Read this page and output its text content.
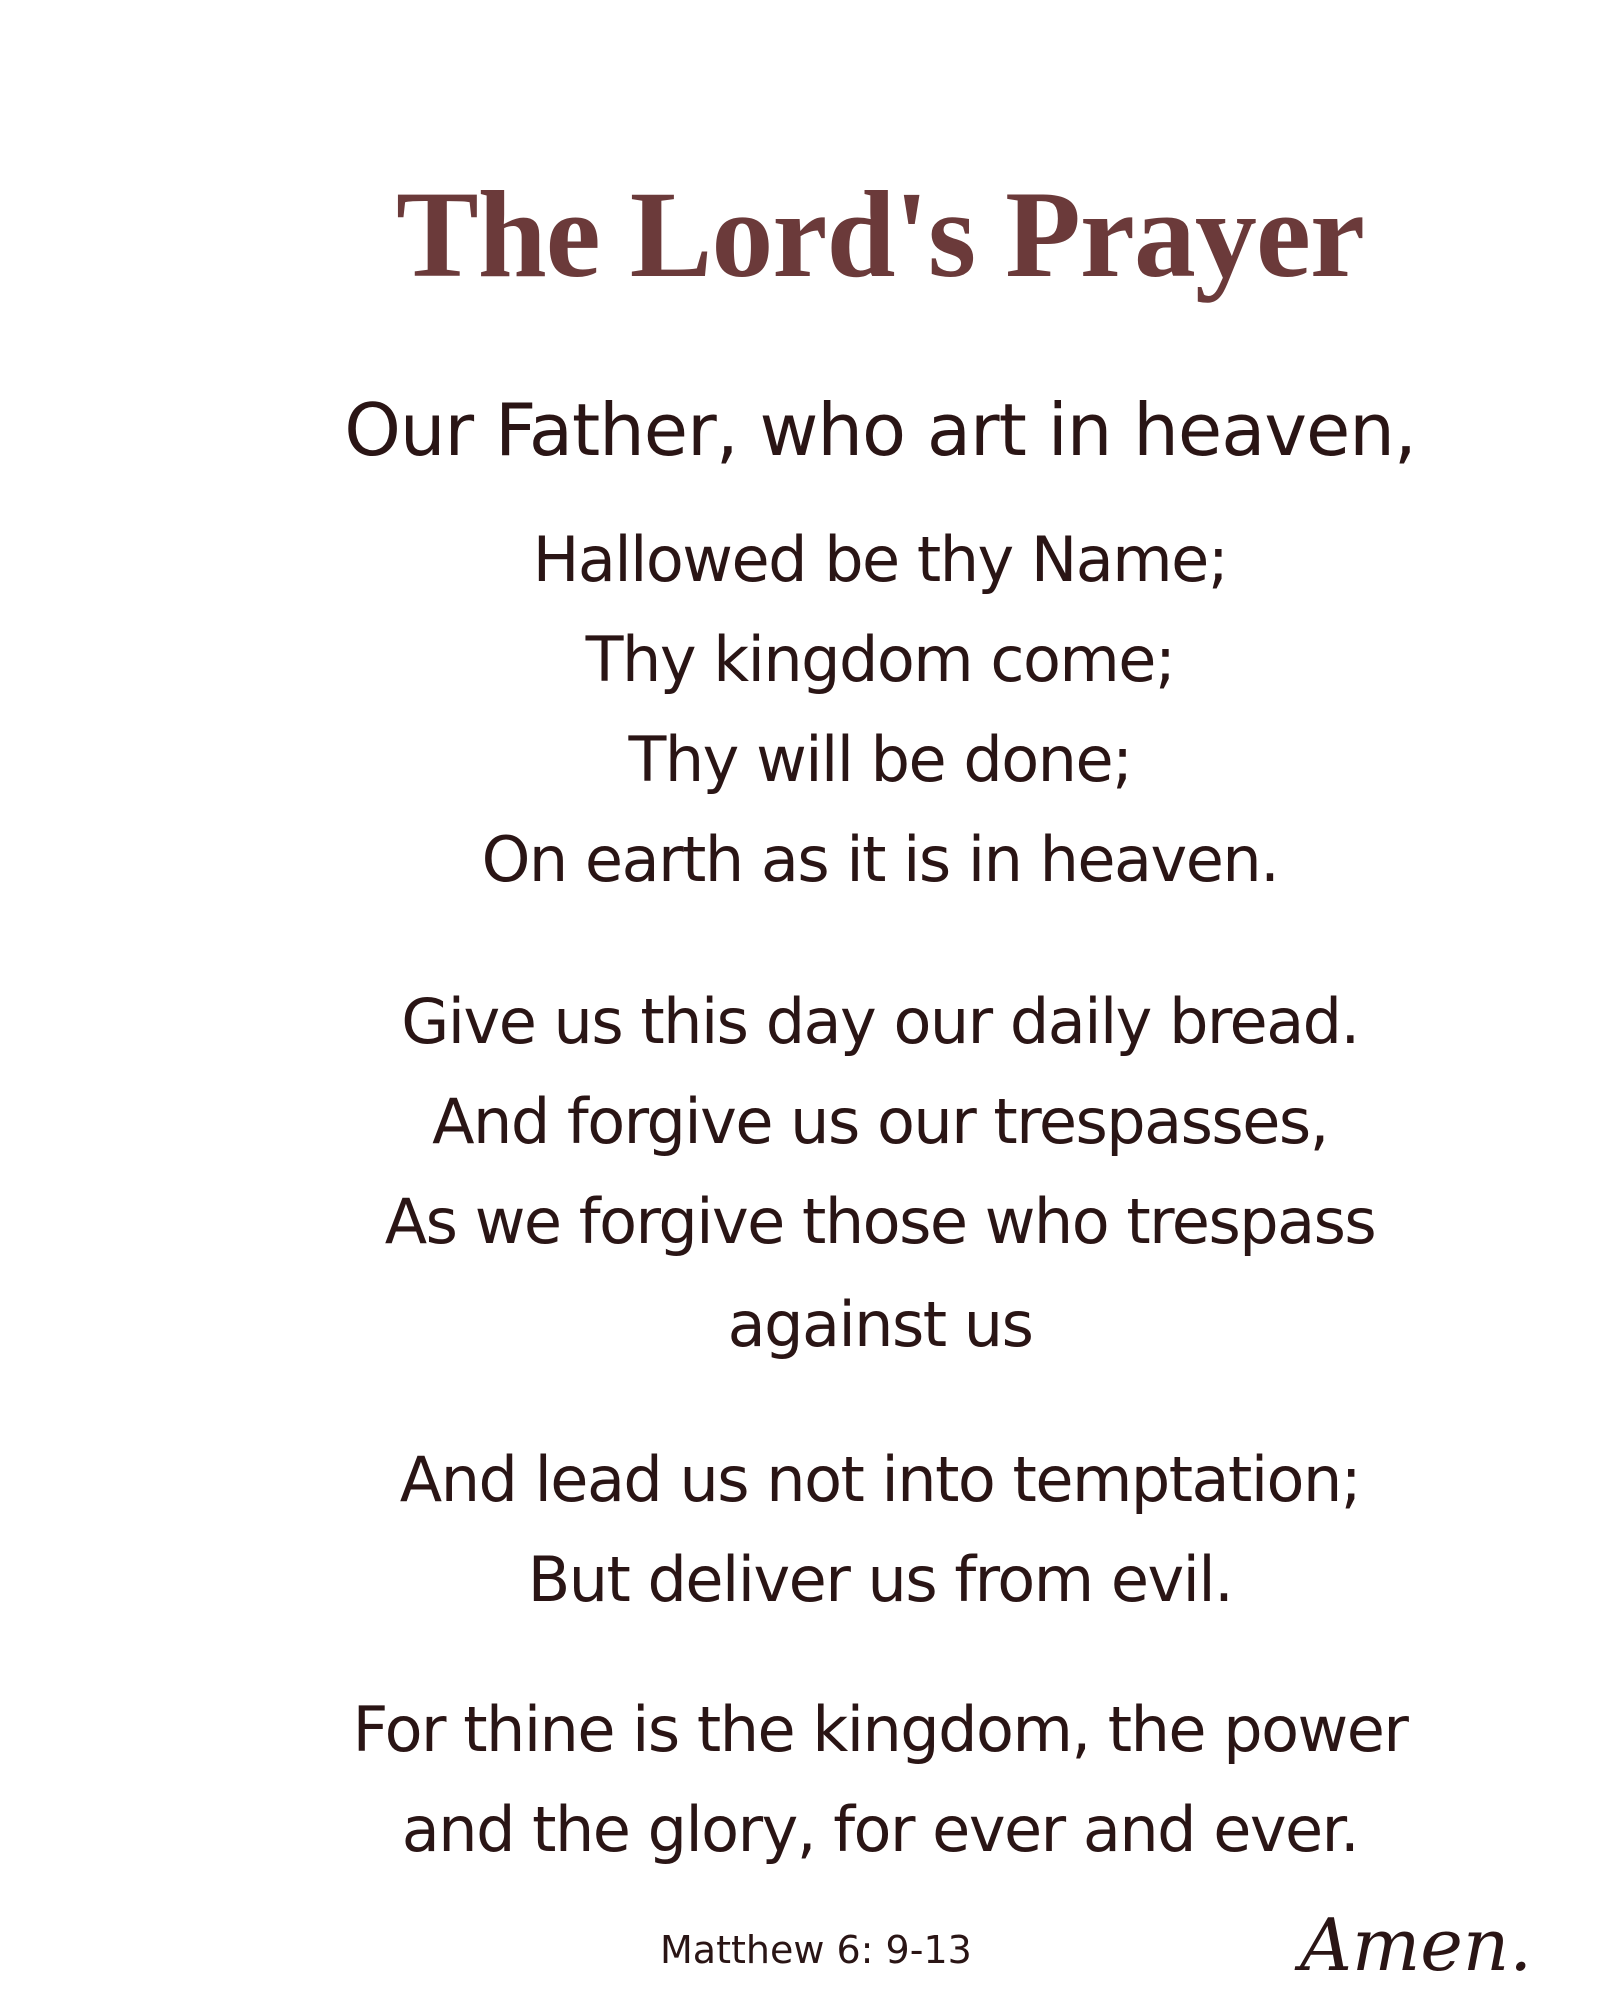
The Lord's Prayer
Our Father, who art in heaven,
Hallowed be thy Name;
Thy kingdom come;
Thy will be done;
On earth as it is in heaven.
Give us this day our daily bread.
And forgive us our trespasses,
As we forgive those who trespass
against us
And lead us not into temptation;
But deliver us from evil.
For thine is the kingdom, the power
and the glory, for ever and ever.
Matthew 6: 9-13	Amen.
